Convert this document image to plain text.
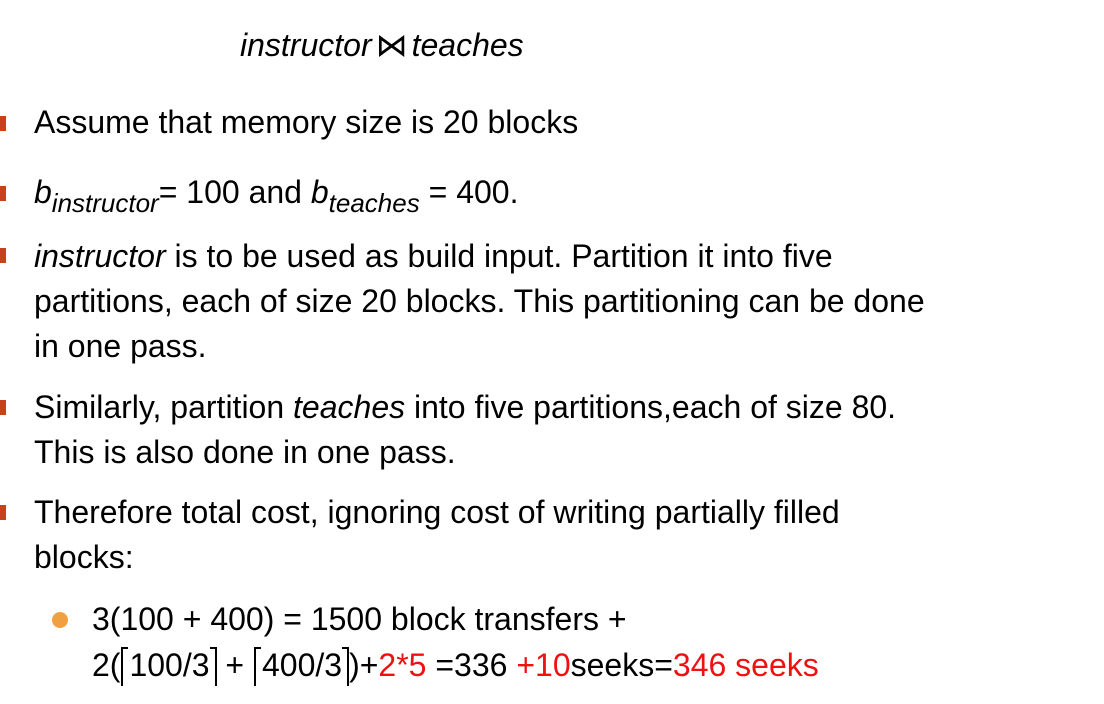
instructor ⋈ teaches
Assume that memory size is 20 blocks
$b_{instructor}= 100$ and $b_{teaches} = 400$.
instructor is to be used as build input. Partition it into five
partitions, each of size 20 blocks. This partitioning can be done
in one pass.
Similarly, partition teaches into five partitions,each of size 80.
This is also done in one pass.
Therefore total cost, ignoring cost of writing partially filled
blocks:
3(100 + 400) = 1500 block transfers +
2( 100/3 + 400/3 )+2*5 =336 +10seeks=346 seeks
